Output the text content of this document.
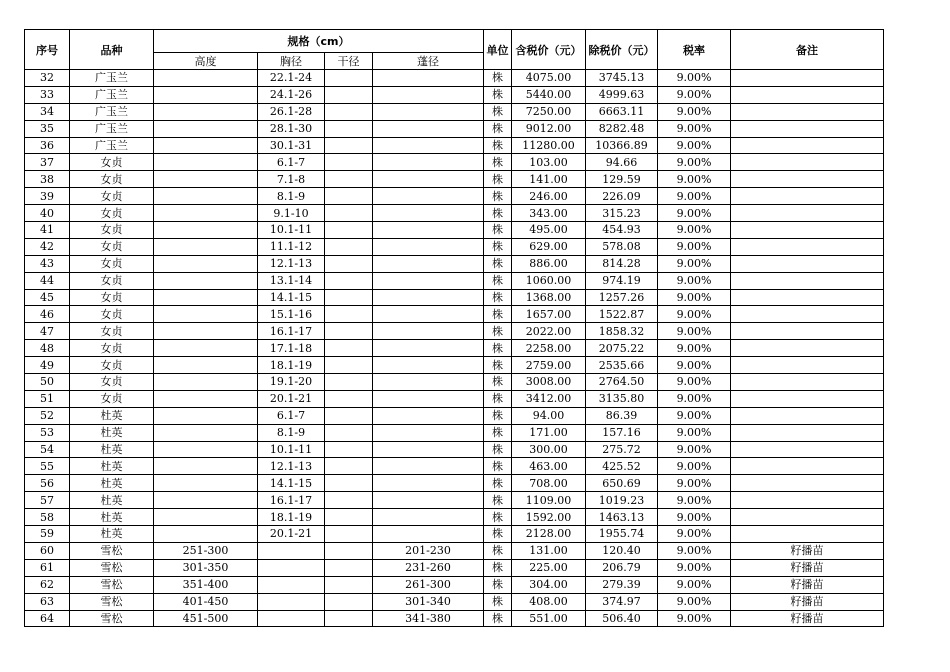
序号	品种	规格（cm）				单位	含税价（元）	除税价（元）	税率	备注
		高度	胸径	干径	蓬径					
32	广玉兰		22.1-24			株	4075.00	3745.13	9.00%	
33	广玉兰		24.1-26			株	5440.00	4999.63	9.00%	
34	广玉兰		26.1-28			株	7250.00	6663.11	9.00%	
35	广玉兰		28.1-30			株	9012.00	8282.48	9.00%	
36	广玉兰		30.1-31			株	11280.00	10366.89	9.00%	
37	女贞		6.1-7			株	103.00	94.66	9.00%	
38	女贞		7.1-8			株	141.00	129.59	9.00%	
39	女贞		8.1-9			株	246.00	226.09	9.00%	
40	女贞		9.1-10			株	343.00	315.23	9.00%	
41	女贞		10.1-11			株	495.00	454.93	9.00%	
42	女贞		11.1-12			株	629.00	578.08	9.00%	
43	女贞		12.1-13			株	886.00	814.28	9.00%	
44	女贞		13.1-14			株	1060.00	974.19	9.00%	
45	女贞		14.1-15			株	1368.00	1257.26	9.00%	
46	女贞		15.1-16			株	1657.00	1522.87	9.00%	
47	女贞		16.1-17			株	2022.00	1858.32	9.00%	
48	女贞		17.1-18			株	2258.00	2075.22	9.00%	
49	女贞		18.1-19			株	2759.00	2535.66	9.00%	
50	女贞		19.1-20			株	3008.00	2764.50	9.00%	
51	女贞		20.1-21			株	3412.00	3135.80	9.00%	
52	杜英		6.1-7			株	94.00	86.39	9.00%	
53	杜英		8.1-9			株	171.00	157.16	9.00%	
54	杜英		10.1-11			株	300.00	275.72	9.00%	
55	杜英		12.1-13			株	463.00	425.52	9.00%	
56	杜英		14.1-15			株	708.00	650.69	9.00%	
57	杜英		16.1-17			株	1109.00	1019.23	9.00%	
58	杜英		18.1-19			株	1592.00	1463.13	9.00%	
59	杜英		20.1-21			株	2128.00	1955.74	9.00%	
60	雪松	251-300			201-230	株	131.00	120.40	9.00%	籽播苗
61	雪松	301-350			231-260	株	225.00	206.79	9.00%	籽播苗
62	雪松	351-400			261-300	株	304.00	279.39	9.00%	籽播苗
63	雪松	401-450			301-340	株	408.00	374.97	9.00%	籽播苗
64	雪松	451-500			341-380	株	551.00	506.40	9.00%	籽播苗
